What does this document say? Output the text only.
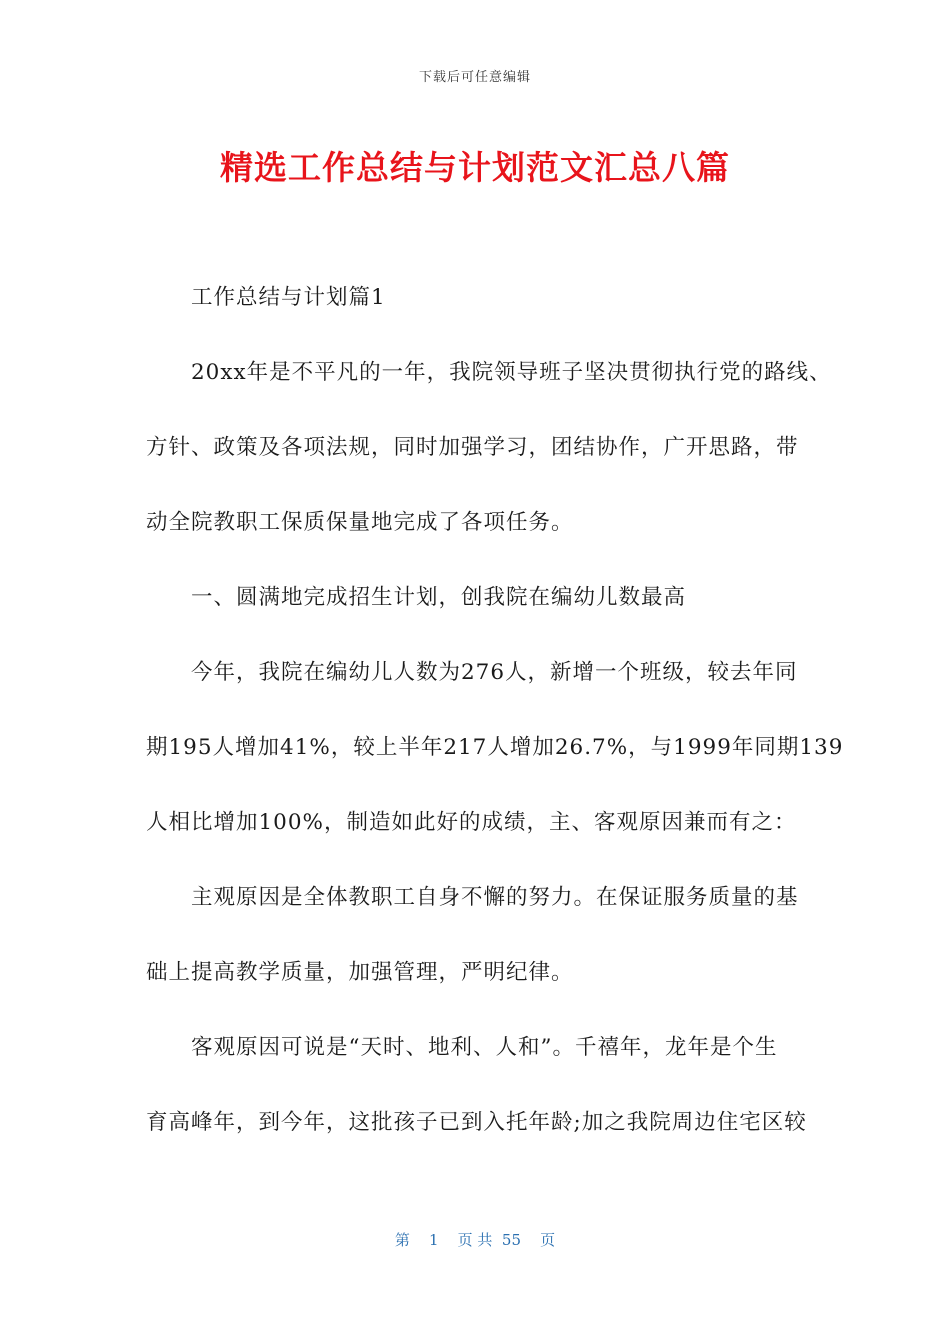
下载后可任意编辑
精选工作总结与计划范文汇总八篇
工作总结与计划篇1
20xx年是不平凡的一年，我院领导班子坚决贯彻执行党的路线、
方针、政策及各项法规，同时加强学习，团结协作，广开思路，带
动全院教职工保质保量地完成了各项任务。
一、圆满地完成招生计划，创我院在编幼儿数最高
今年，我院在编幼儿人数为276人，新增一个班级，较去年同
期195人增加41%，较上半年217人增加26.7%，与1999年同期139
人相比增加100%，制造如此好的成绩，主、客观原因兼而有之：
主观原因是全体教职工自身不懈的努力。在保证服务质量的基
础上提高教学质量，加强管理，严明纪律。
客观原因可说是“天时、地利、人和”。千禧年，龙年是个生
育高峰年，到今年，这批孩子已到入托年龄;加之我院周边住宅区较
第 1 页 共 55 页
